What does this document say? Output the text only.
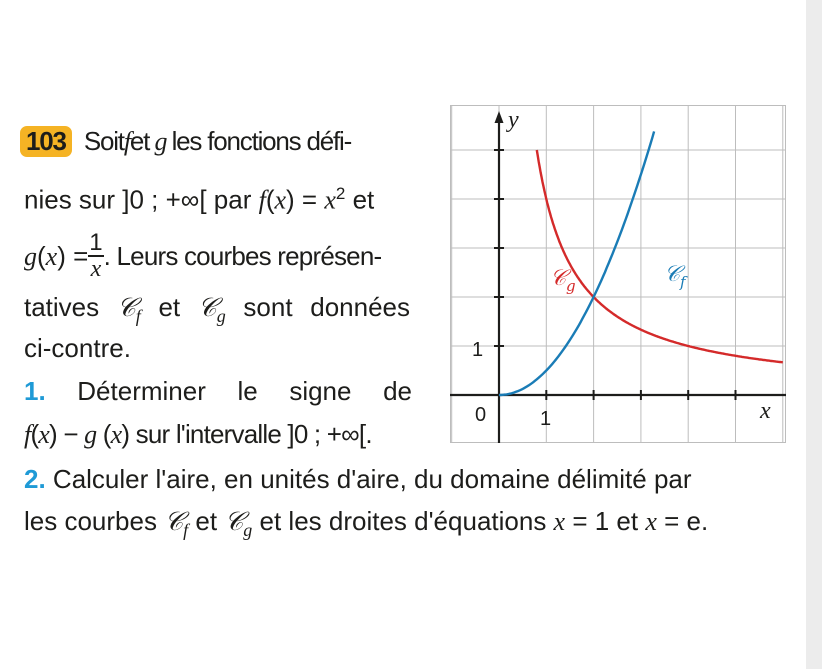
103 Soitfet g les fonctions défi-
nies sur ]0 ; +∞[ par $f(x) = x^2$ et
$g(x) = \frac{1}{x}$ . Leurs courbes représen-
tatives 𝒞$_f$ et 𝒞$_g$ sont données
ci-contre.
1. Déterminer le signe de
f(x) − g (x) sur l'intervalle ]0 ; +∞[.
2. Calculer l'aire, en unités d'aire, du domaine délimité par
les courbes 𝒞$_f$ et 𝒞$_g$ et les droites d'équations x = 1 et x = e.
y
x
0	1
1
𝒞$_g$	𝒞$_f$
